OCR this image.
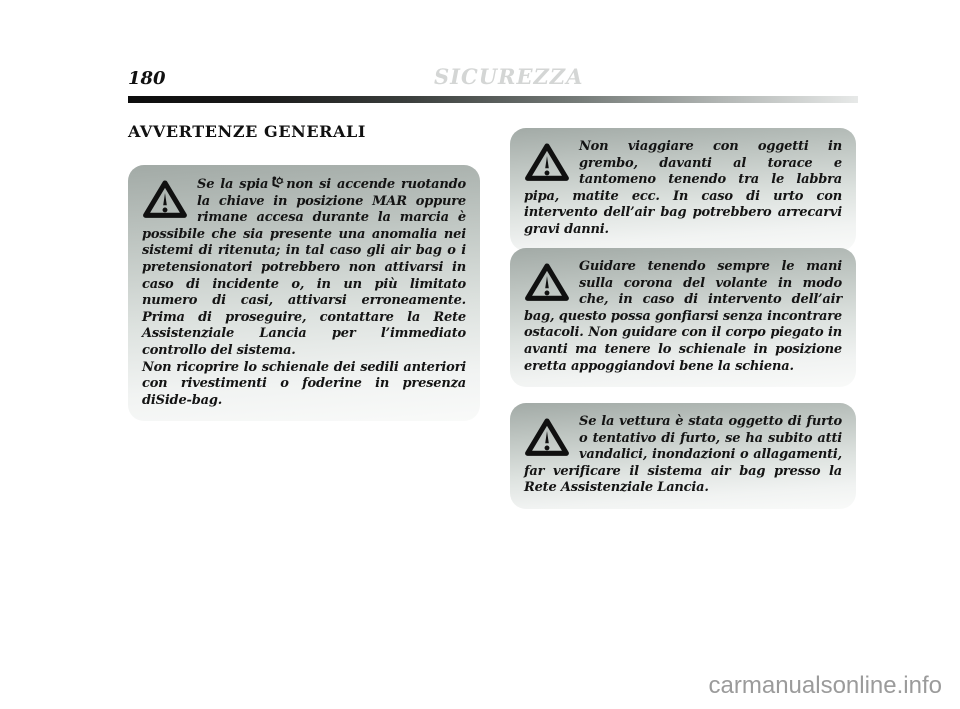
180	SICUREZZA
AVVERTENZE GENERALI

Se la spia non si accende ruotando la chiave in posizione MAR oppure rimane accesa durante la marcia è possibile che sia presente una anomalia nei sistemi di ritenuta; in tal caso gli air bag o i pretensionatori potrebbero non attivarsi in caso di incidente o, in un più limitato numero di casi, attivarsi erroneamente. Prima di proseguire, contattare la Rete Assistenziale Lancia per l’immediato controllo del sistema.

Non ricoprire lo schienale dei sedili anteriori con rivestimenti o foderine in presenza diSide-bag.

Non viaggiare con oggetti in grembo, davanti al torace e tantomeno tenendo tra le labbra pipa, matite ecc. In caso di urto con intervento dell’air bag potrebbero arrecarvi gravi danni.

Guidare tenendo sempre le mani sulla corona del volante in modo che, in caso di intervento dell’air bag, questo possa gonfiarsi senza incontrare ostacoli. Non guidare con il corpo piegato in avanti ma tenere lo schienale in posizione eretta appoggiandovi bene la schiena.

Se la vettura è stata oggetto di furto o tentativo di furto, se ha subito atti vandalici, inondazioni o allagamenti, far verificare il sistema air bag presso la Rete Assistenziale Lancia.

carmanualsonline.info
